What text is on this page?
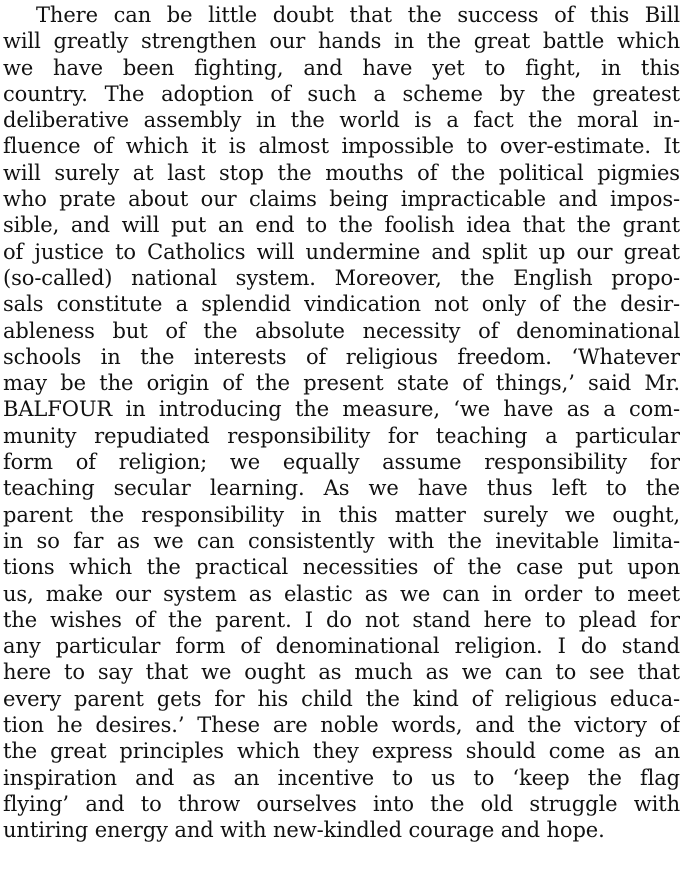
There can be little doubt that the success of this Bill
will greatly strengthen our hands in the great battle which
we have been fighting, and have yet to fight, in this
country. The adoption of such a scheme by the greatest
deliberative assembly in the world is a fact the moral in-
fluence of which it is almost impossible to over-estimate. It
will surely at last stop the mouths of the political pigmies
who prate about our claims being impracticable and impos-
sible, and will put an end to the foolish idea that the grant
of justice to Catholics will undermine and split up our great
(so-called) national system. Moreover, the English propo-
sals constitute a splendid vindication not only of the desir-
ableness but of the absolute necessity of denominational
schools in the interests of religious freedom. ‘Whatever
may be the origin of the present state of things,’ said Mr.
BALFOUR in introducing the measure, ‘we have as a com-
munity repudiated responsibility for teaching a particular
form of religion; we equally assume responsibility for
teaching secular learning. As we have thus left to the
parent the responsibility in this matter surely we ought,
in so far as we can consistently with the inevitable limita-
tions which the practical necessities of the case put upon
us, make our system as elastic as we can in order to meet
the wishes of the parent. I do not stand here to plead for
any particular form of denominational religion. I do stand
here to say that we ought as much as we can to see that
every parent gets for his child the kind of religious educa-
tion he desires.’ These are noble words, and the victory of
the great principles which they express should come as an
inspiration and as an incentive to us to ‘keep the flag
flying’ and to throw ourselves into the old struggle with
untiring energy and with new-kindled courage and hope.
